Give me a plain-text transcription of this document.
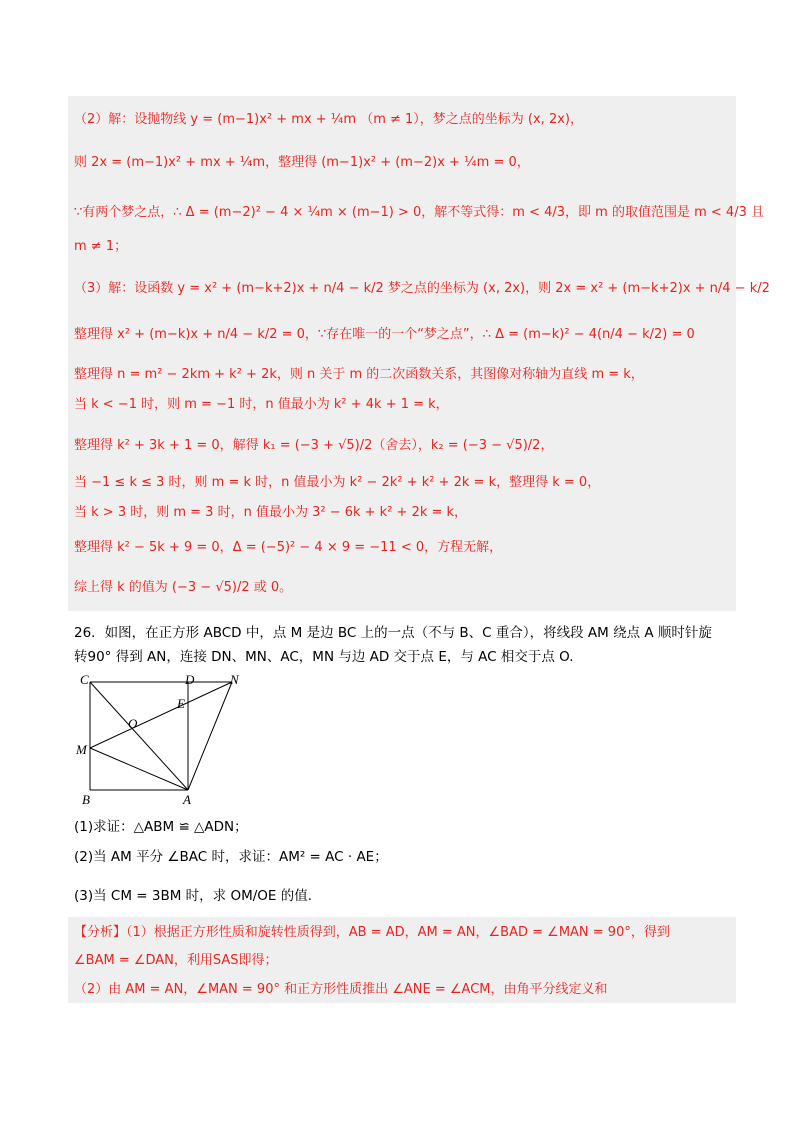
（2）解：设抛物线 y = (m−1)x² + mx + ¼m （m ≠ 1），梦之点的坐标为 (x, 2x)，
则 2x = (m−1)x² + mx + ¼m，整理得 (m−1)x² + (m−2)x + ¼m = 0，
∵有两个梦之点，∴ Δ = (m−2)² − 4 × ¼m × (m−1) > 0，解不等式得：m < 4/3，即 m 的取值范围是 m < 4/3 且
m ≠ 1；
（3）解：设函数 y = x² + (m−k+2)x + n/4 − k/2 梦之点的坐标为 (x, 2x)，则 2x = x² + (m−k+2)x + n/4 − k/2
整理得 x² + (m−k)x + n/4 − k/2 = 0，∵存在唯一的一个“梦之点”，∴ Δ = (m−k)² − 4(n/4 − k/2) = 0
整理得 n = m² − 2km + k² + 2k，则 n 关于 m 的二次函数关系，其图像对称轴为直线 m = k，
当 k < −1 时，则 m = −1 时，n 值最小为 k² + 4k + 1 = k，
整理得 k² + 3k + 1 = 0，解得 k₁ = (−3 + √5)/2（舍去），k₂ = (−3 − √5)/2，
当 −1 ≤ k ≤ 3 时，则 m = k 时，n 值最小为 k² − 2k² + k² + 2k = k，整理得 k = 0，
当 k > 3 时，则 m = 3 时，n 值最小为 3² − 6k + k² + 2k = k，
整理得 k² − 5k + 9 = 0，Δ = (−5)² − 4 × 9 = −11 < 0，方程无解，
综上得 k 的值为 (−3 − √5)/2 或 0。
26．如图，在正方形 ABCD 中，点 M 是边 BC 上的一点（不与 B、C 重合），将线段 AM 绕点 A 顺时针旋
转90° 得到 AN，连接 DN、MN、AC，MN 与边 AD 交于点 E，与 AC 相交于点 O.
C	D	N
E
O
M
B	A
(1)求证：△ABM ≌ △ADN；
(2)当 AM 平分 ∠BAC 时，求证：AM² = AC · AE；
(3)当 CM = 3BM 时，求 OM/OE 的值.
【分析】（1）根据正方形性质和旋转性质得到，AB = AD，AM = AN，∠BAD = ∠MAN = 90°，得到
∠BAM = ∠DAN，利用SAS即得；
（2）由 AM = AN，∠MAN = 90° 和正方形性质推出 ∠ANE = ∠ACM，由角平分线定义和
